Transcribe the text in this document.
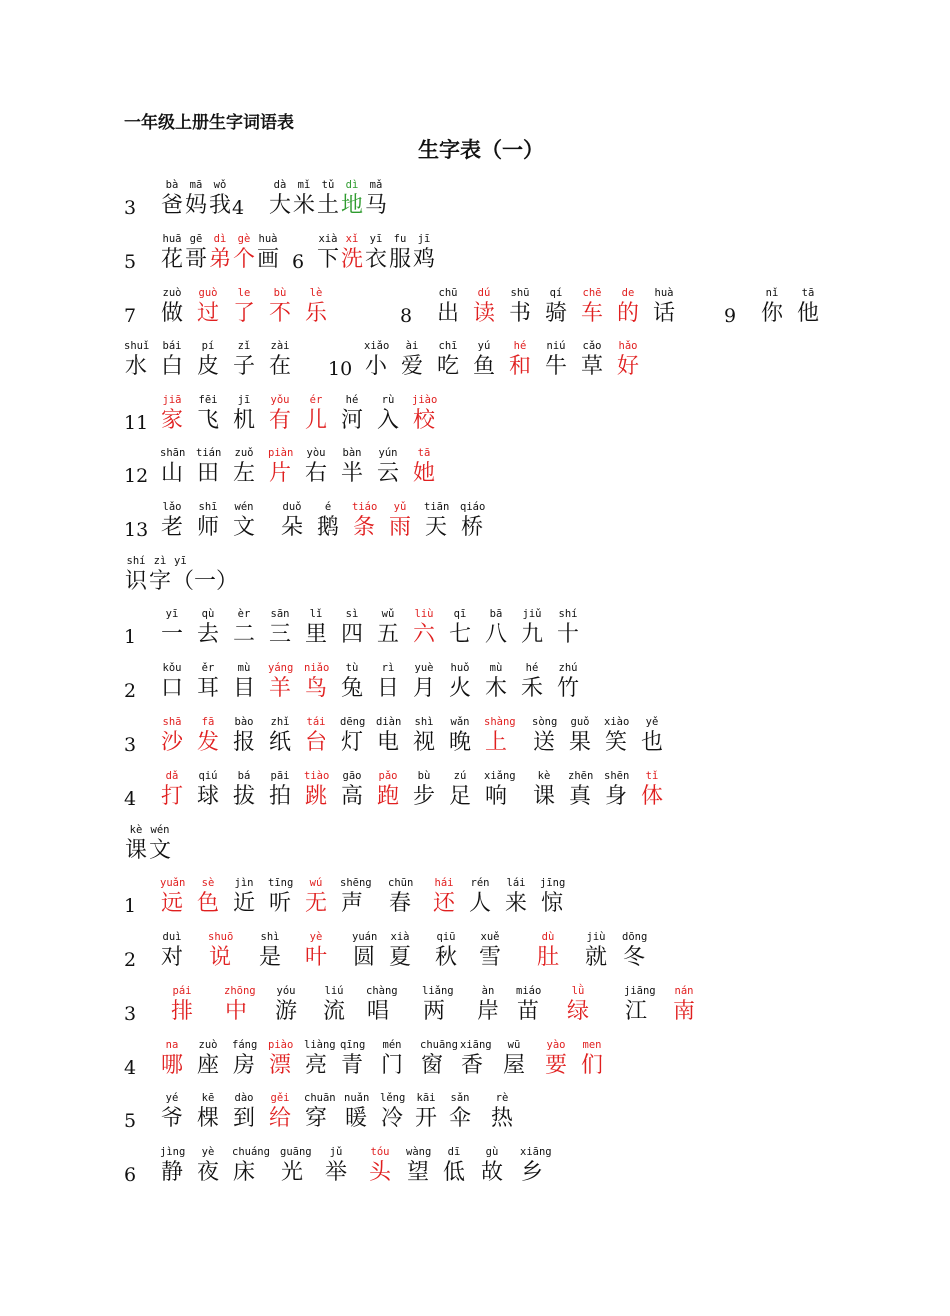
一年级上册生字词语表
生字表（一）
3
bà
爸
mā
妈
wǒ
我 4
dà
大
mǐ
米
tǔ
土
dì
地
mǎ
马
5
huā
花
gē
哥
dì
弟
gè
个
huà
画 6
xià
下
xǐ
洗
yī
衣
fu
服
jī
鸡
7
zuò
做
guò
过
le
了
bù
不
lè
乐	8
chū
出
dú
读
shū
书
qí
骑
chē
车
de
的
huà
话	9
nǐ
你
tā
他
shuǐ
水
bái
白
pí
皮
zǐ
子
zài
在 10
xiǎo
小
ài
爱
chī
吃
yú
鱼
hé
和
niú
牛
cǎo
草
hǎo
好
11
jiā
家
fēi
飞
jī
机
yǒu
有
ér
儿
hé
河
rù
入
jiào
校
12
shān
山
tián
田
zuǒ
左
piàn
片
yòu
右
bàn
半
yún
云
tā
她
13
lǎo
老
shī
师
wén
文
duǒ
朵
é
鹅
tiáo
条
yǔ
雨
tiān
天
qiáo
桥
shí
识
zì
字
yī
（一）
1
yī
一
qù
去
èr
二
sān
三
lǐ
里
sì
四
wǔ
五
liù
六
qī
七
bā
八
jiǔ
九
shí
十
2
kǒu
口
ěr
耳
mù
目
yáng
羊
niǎo
鸟
tù
兔
rì
日
yuè
月
huǒ
火
mù
木
hé
禾
zhú
竹
3
shā
沙
fā
发
bào
报
zhǐ
纸
tái
台
dēng
灯
diàn
电
shì
视
wǎn
晚
shàng
上
sòng
送
guǒ
果
xiào
笑
yě
也
4
dǎ
打
qiú
球
bá
拔
pāi
拍
tiào
跳
gāo
高
pǎo
跑
bù
步
zú
足
xiǎng
响
kè
课
zhēn
真
shēn
身
tǐ
体
kè
课
wén
文
1
yuǎn
远
sè
色
jìn
近
tīng
听
wú
无
shēng
声
chūn
春
hái
还
rén
人
lái
来
jīng
惊
2
duì
对
shuō
说
shì
是
yè
叶
yuán
圆
xià
夏
qiū
秋
xuě
雪
dù
肚
jiù
就
dōng
冬
3
pái
排
zhōng
中
yóu
游
liú
流
chàng
唱
liǎng
两
àn
岸
miáo
苗
lǜ
绿
jiāng
江
nán
南
4
na
哪
zuò
座
fáng
房
piào
漂
liàng
亮
qīng
青
mén
门
chuāng
窗
xiāng
香
wū
屋
yào
要
men
们
5
yé
爷
kē
棵
dào
到
gěi
给
chuān
穿
nuǎn
暖
lěng
冷
kāi
开
sǎn
伞
rè
热
6
jìng
静
yè
夜
chuáng
床
guāng
光
jǔ
举
tóu
头
wàng
望
dī
低
gù
故
xiāng
乡
